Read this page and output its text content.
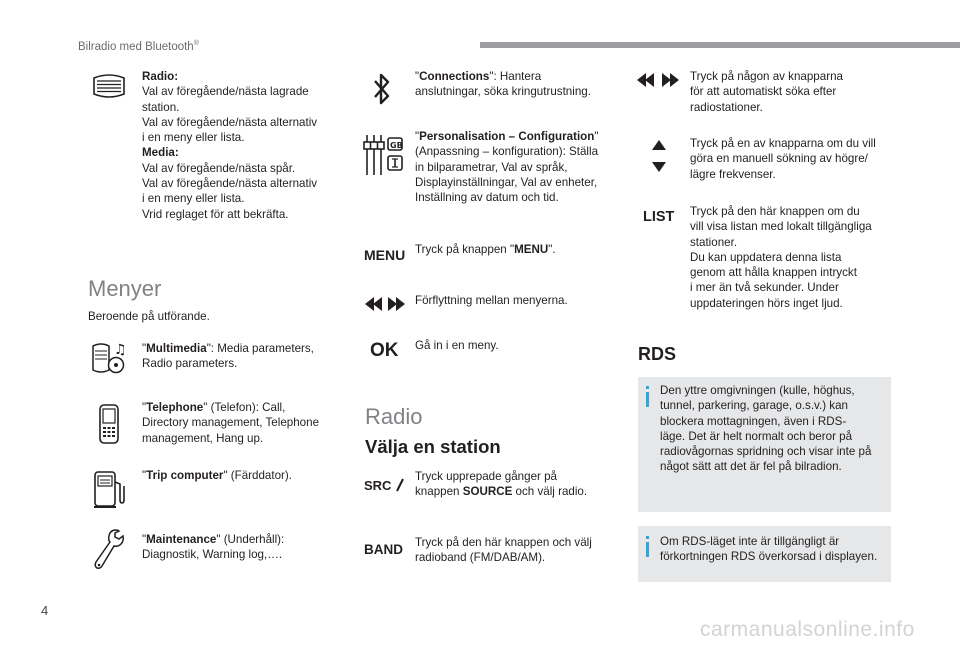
Bilradio med Bluetooth®
Radio:
Val av föregående/nästa lagrade
station.
Val av föregående/nästa alternativ
i en meny eller lista.
Media:
Val av föregående/nästa spår.
Val av föregående/nästa alternativ
i en meny eller lista.
Vrid reglaget för att bekräfta.
Menyer
Beroende på utförande.
♫ "Multimedia": Media parameters,
Radio parameters.
"Telephone" (Telefon): Call,
Directory management, Telephone
management, Hang up.
"Trip computer" (Färddator).
"Maintenance" (Underhåll):
Diagnostik, Warning log,….
"Connections": Hantera
anslutningar, söka kringutrustning.
GB
"Personalisation – Configuration"
(Anpassning – konfiguration): Ställa
in bilparametrar, Val av språk,
Displayinställningar, Val av enheter,
Inställning av datum och tid.
MENU Tryck på knappen "MENU".
Förflyttning mellan menyerna.
OK Gå in i en meny.
Radio
Välja en station
SRC
Tryck upprepade gånger på
knappen SOURCE och välj radio.
BAND Tryck på den här knappen och välj
radioband (FM/DAB/AM).
Tryck på någon av knapparna
för att automatiskt söka efter
radiostationer.
Tryck på en av knapparna om du vill
göra en manuell sökning av högre/
lägre frekvenser.
LIST Tryck på den här knappen om du
vill visa listan med lokalt tillgängliga
stationer.
Du kan uppdatera denna lista
genom att hålla knappen intryckt
i mer än två sekunder. Under
uppdateringen hörs inget ljud.
RDS
Den yttre omgivningen (kulle, höghus,
tunnel, parkering, garage, o.s.v.) kan
blockera mottagningen, även i RDS-
läge. Det är helt normalt och beror på
radiovågornas spridning och visar inte på
något sätt att det är fel på bilradion.
Om RDS-läget inte är tillgängligt är
förkortningen RDS överkorsad i displayen.
4
carmanualsonline.info
